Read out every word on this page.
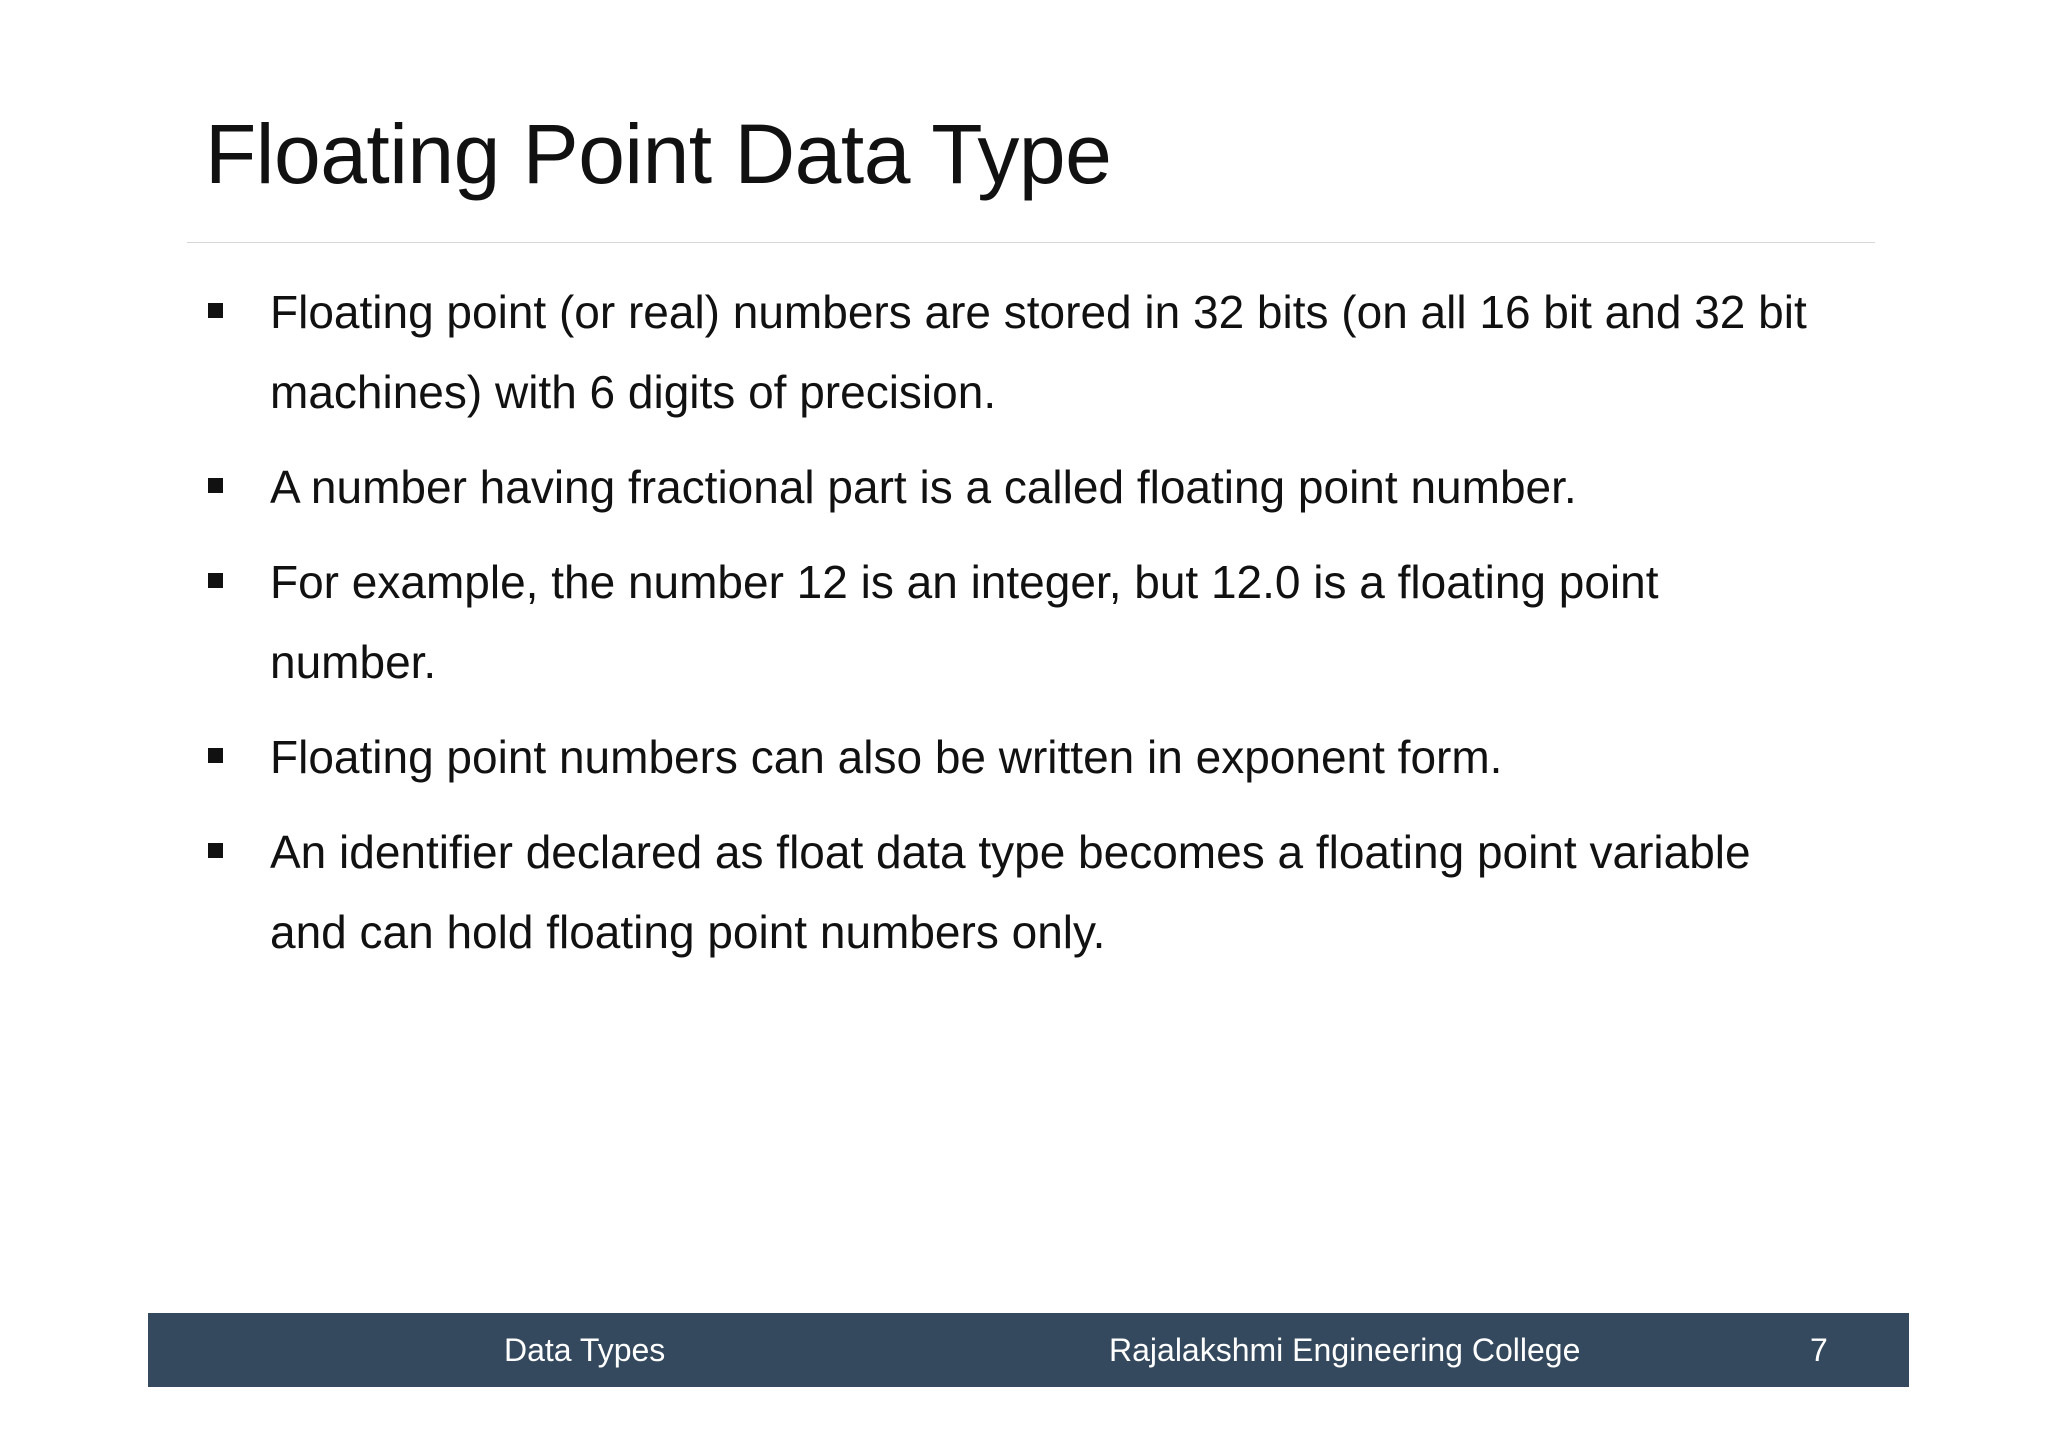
Floating Point Data Type
Floating point (or real) numbers are stored in 32 bits (on all 16 bit and 32 bit machines) with 6 digits of precision.
A number having fractional part is a called floating point number.
For example, the number 12 is an integer, but 12.0 is a floating point number.
Floating point numbers can also be written in exponent form.
An identifier declared as float data type becomes a floating point variable and can hold floating point numbers only.
Data Types	Rajalakshmi Engineering College	7
